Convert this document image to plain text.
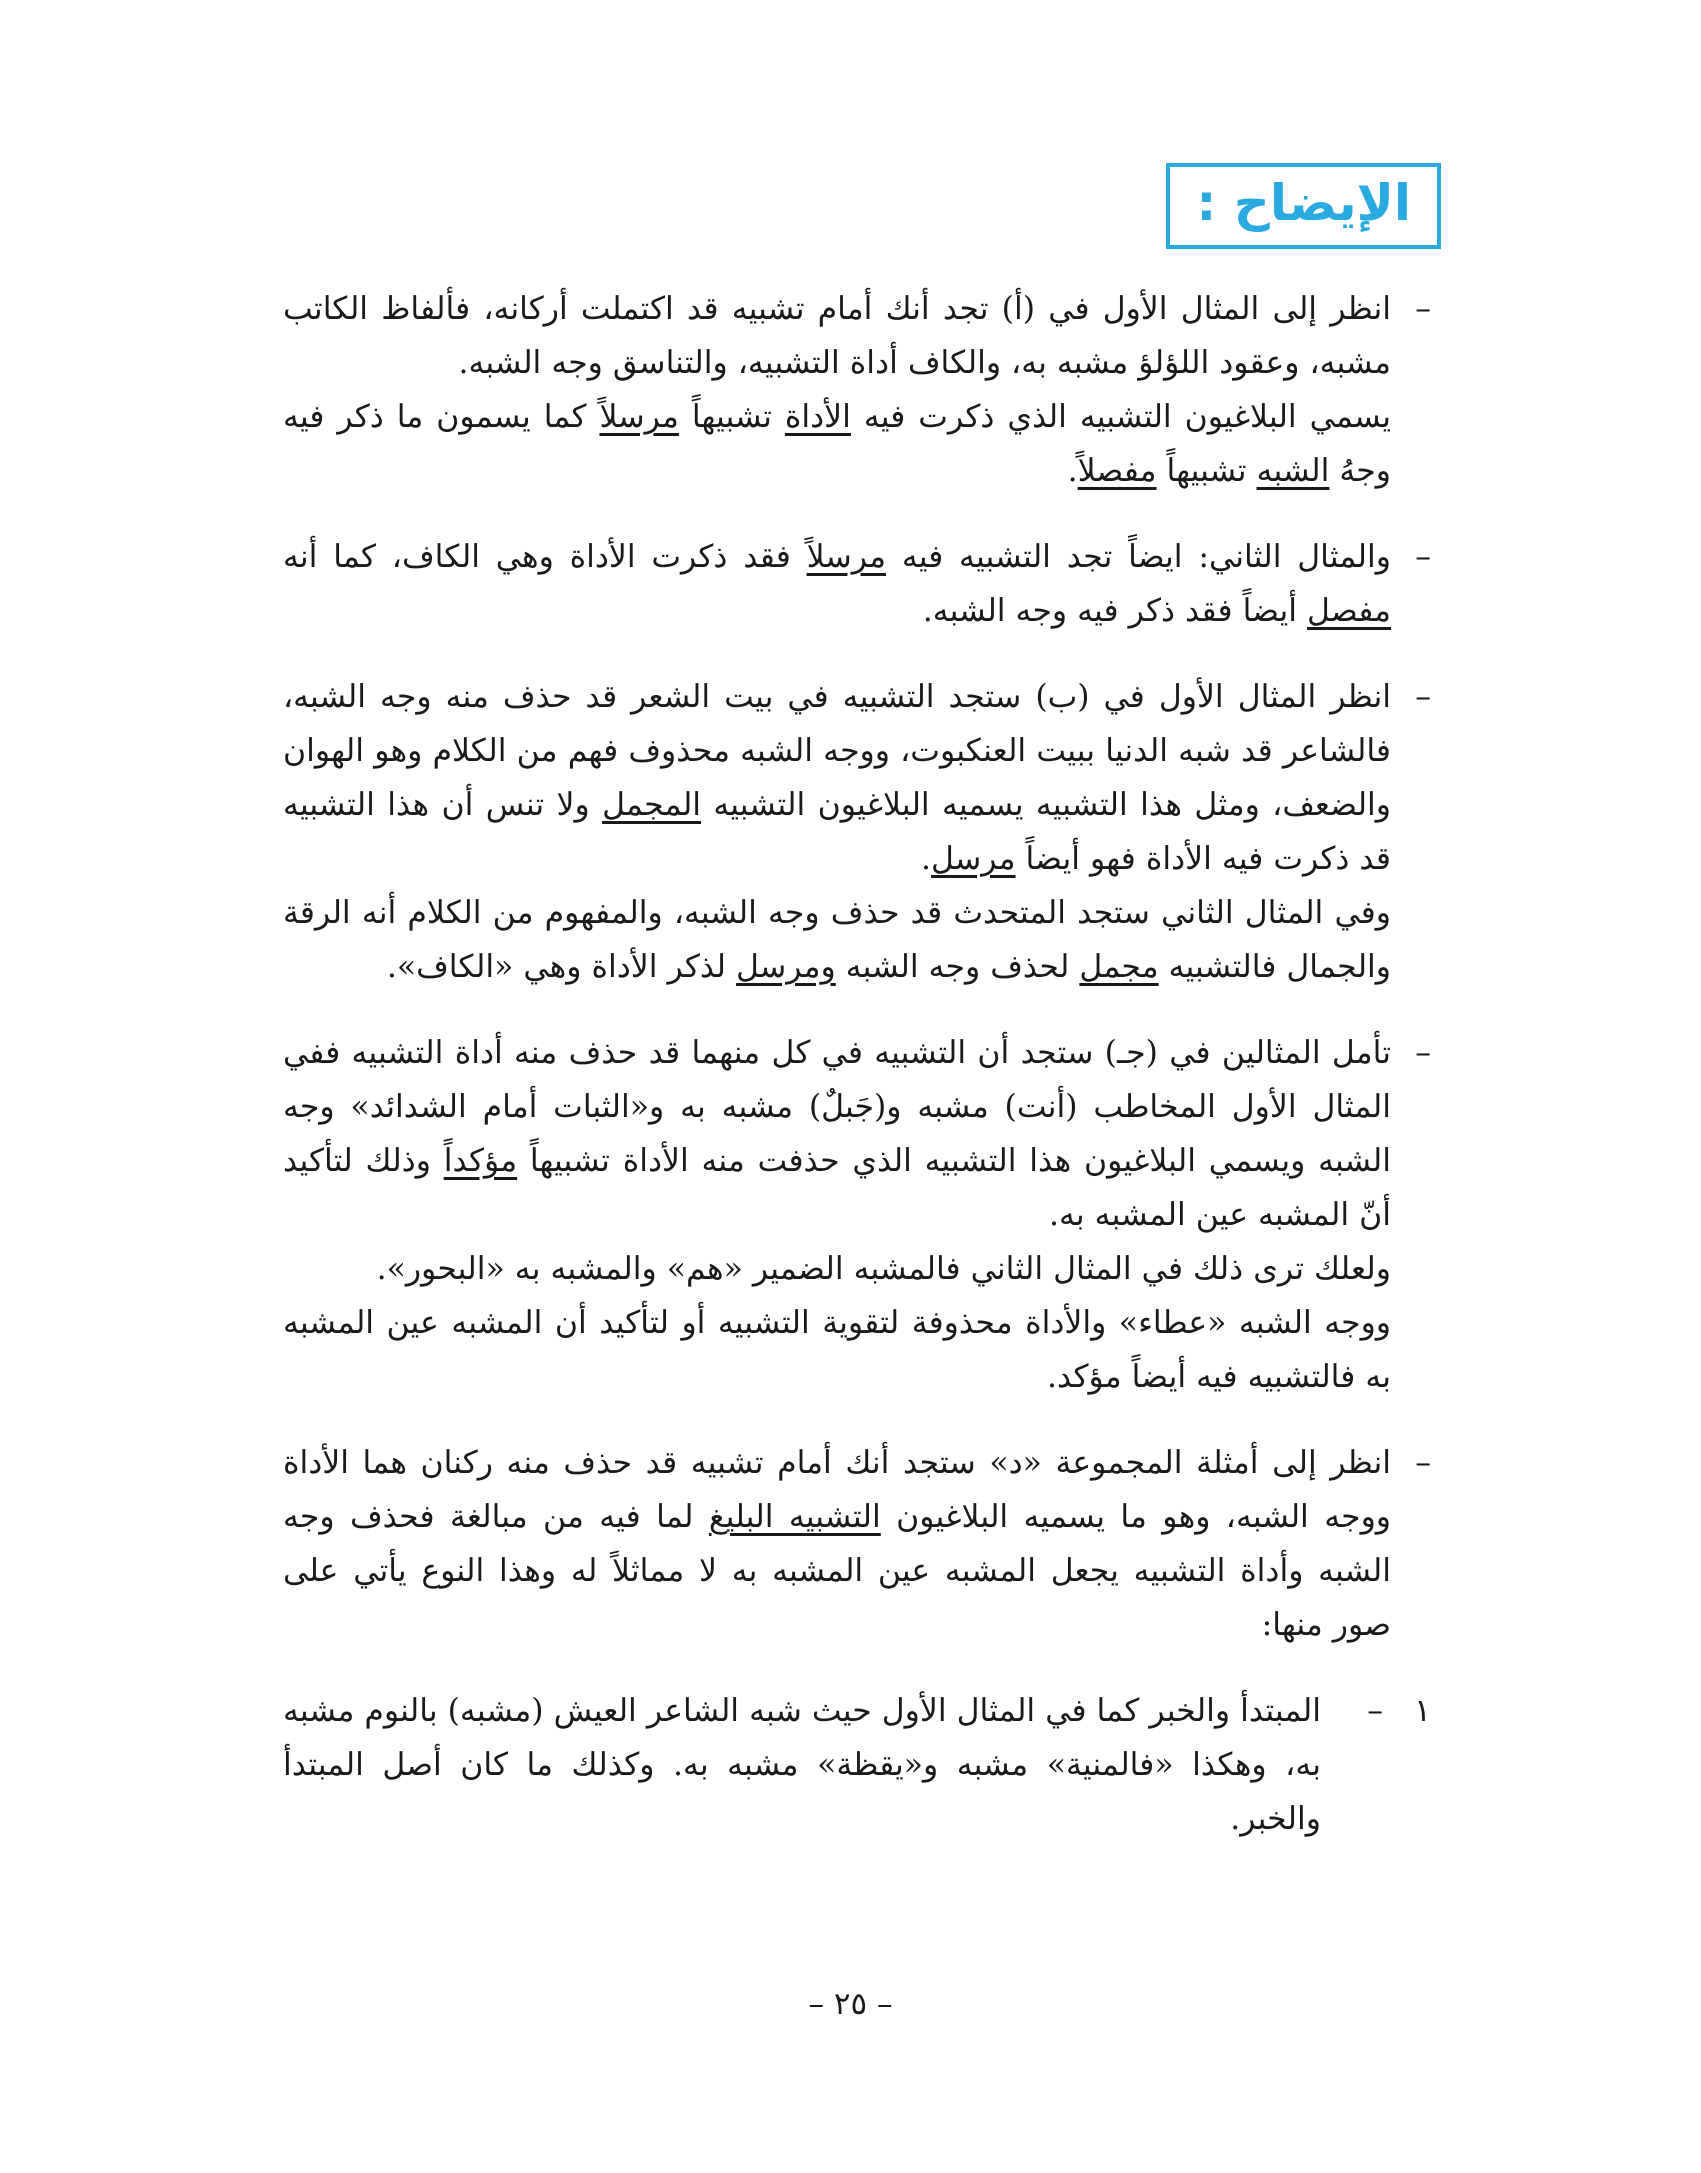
الإيضاح :
–

انظر إلى المثال الأول في (أ) تجد أنك أمام تشبيه قد اكتملت أركانه، فألفاظ الكاتب مشبه، وعقود اللؤلؤ مشبه به، والكاف أداة التشبيه، والتناسق وجه الشبه.

يسمي البلاغيون التشبيه الذي ذكرت فيه الأداة تشبيهاً مرسلاً كما يسمون ما ذكر فيه وجهُ الشبه تشبيهاً مفصلاً.

–

والمثال الثاني: ايضاً تجد التشبيه فيه مرسلاً فقد ذكرت الأداة وهي الكاف، كما أنه مفصل أيضاً فقد ذكر فيه وجه الشبه.

–

انظر المثال الأول في (ب) ستجد التشبيه في بيت الشعر قد حذف منه وجه الشبه، فالشاعر قد شبه الدنيا ببيت العنكبوت، ووجه الشبه محذوف فهم من الكلام وهو الهوان والضعف، ومثل هذا التشبيه يسميه البلاغيون التشبيه المجمل ولا تنس أن هذا التشبيه قد ذكرت فيه الأداة فهو أيضاً مرسل.

وفي المثال الثاني ستجد المتحدث قد حذف وجه الشبه، والمفهوم من الكلام أنه الرقة والجمال فالتشبيه مجمل لحذف وجه الشبه ومرسل لذكر الأداة وهي «الكاف».

–

تأمل المثالين في (جـ) ستجد أن التشبيه في كل منهما قد حذف منه أداة التشبيه ففي المثال الأول المخاطب (أنت) مشبه و(جَبلٌ) مشبه به و«الثبات أمام الشدائد» وجه الشبه ويسمي البلاغيون هذا التشبيه الذي حذفت منه الأداة تشبيهاً مؤكداً وذلك لتأكيد أنّ المشبه عين المشبه به.

ولعلك ترى ذلك في المثال الثاني فالمشبه الضمير «هم» والمشبه به «البحور».

ووجه الشبه «عطاء» والأداة محذوفة لتقوية التشبيه أو لتأكيد أن المشبه عين المشبه به فالتشبيه فيه أيضاً مؤكد.

–

انظر إلى أمثلة المجموعة «د» ستجد أنك أمام تشبيه قد حذف منه ركنان هما الأداة ووجه الشبه، وهو ما يسميه البلاغيون التشبيه البليغ لما فيه من مبالغة فحذف وجه الشبه وأداة التشبيه يجعل المشبه عين المشبه به لا مماثلاً له وهذا النوع يأتي على صور منها:

١
–

المبتدأ والخبر كما في المثال الأول حيث شبه الشاعر العيش (مشبه) بالنوم مشبه به، وهكذا «فالمنية» مشبه و«يقظة» مشبه به. وكذلك ما كان أصل المبتدأ والخبر.

– ٢٥ –
